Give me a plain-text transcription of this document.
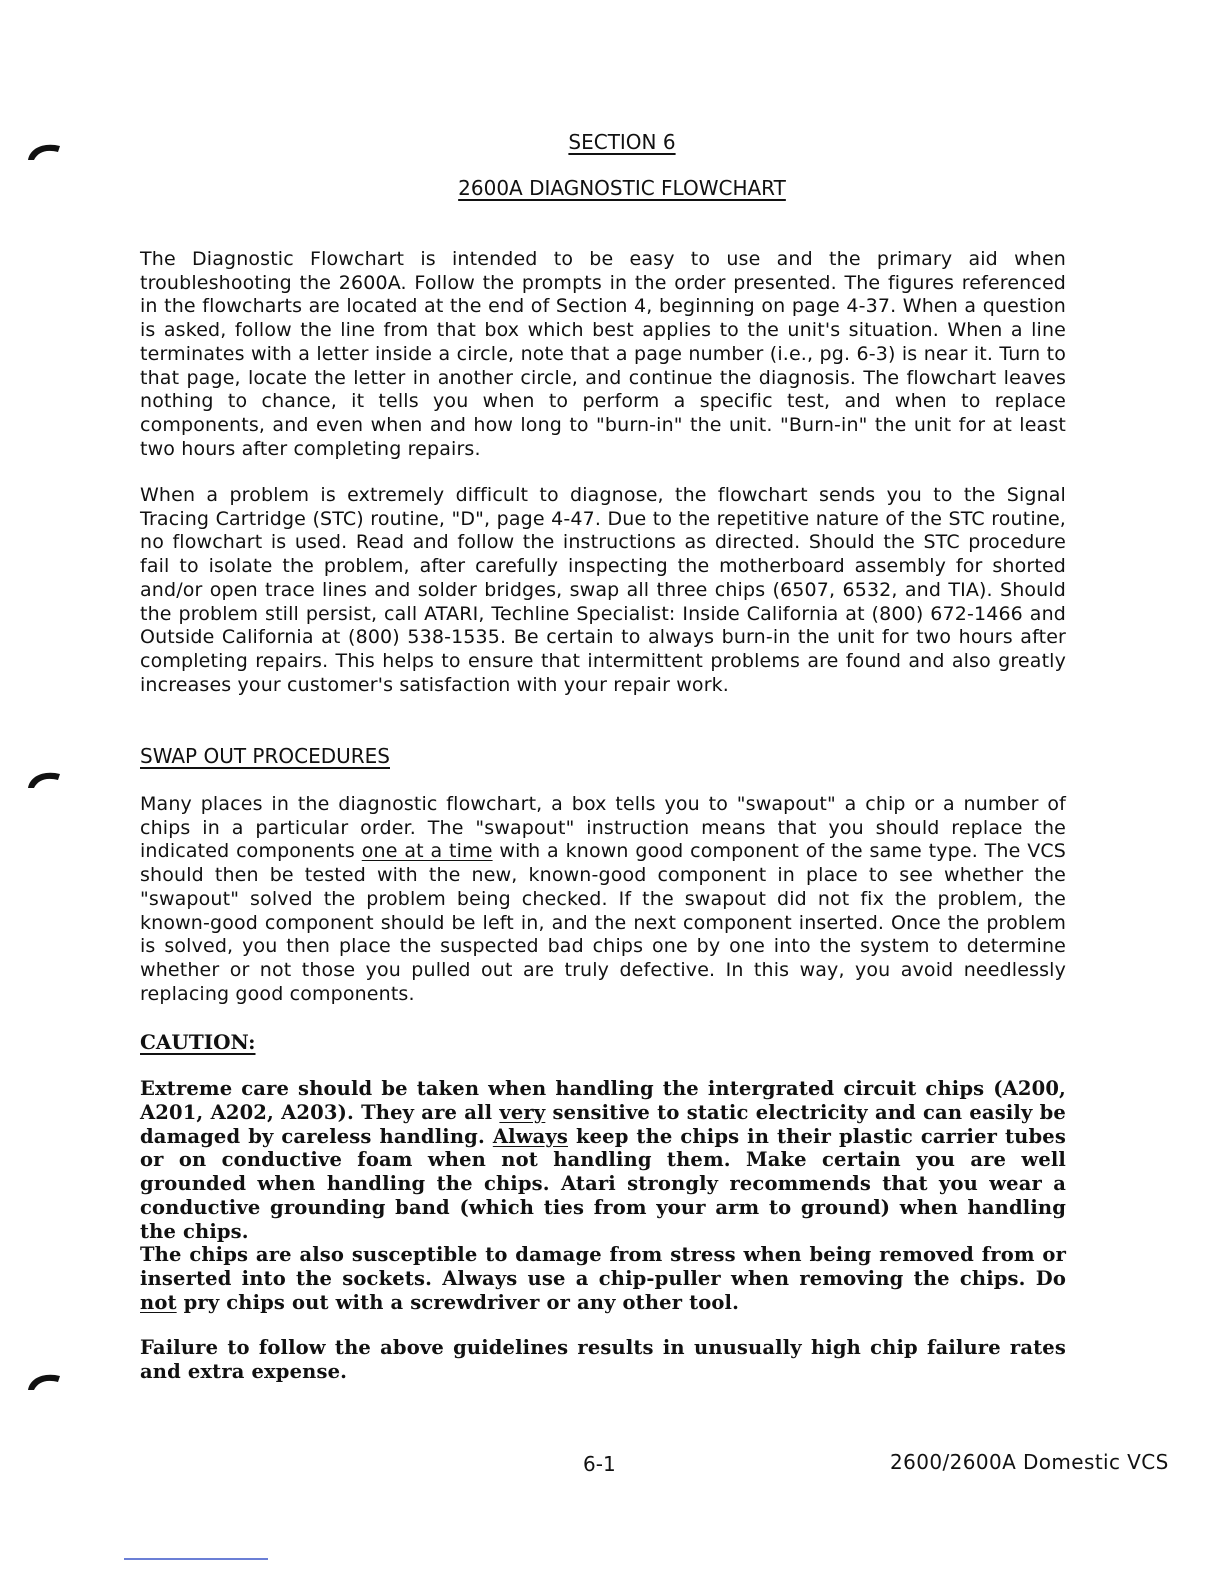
SECTION 6
2600A DIAGNOSTIC FLOWCHART
The Diagnostic Flowchart is intended to be easy to use and the primary aid when troubleshooting the 2600A. Follow the prompts in the order presented. The figures referenced in the flowcharts are located at the end of Section 4, beginning on page 4-37. When a question is asked, follow the line from that box which best applies to the unit's situation. When a line terminates with a letter inside a circle, note that a page number (i.e., pg. 6-3) is near it. Turn to that page, locate the letter in another circle, and continue the diagnosis. The flowchart leaves nothing to chance, it tells you when to perform a specific test, and when to replace components, and even when and how long to "burn-in" the unit. "Burn-in" the unit for at least two hours after completing repairs.
When a problem is extremely difficult to diagnose, the flowchart sends you to the Signal Tracing Cartridge (STC) routine, "D", page 4-47. Due to the repetitive nature of the STC routine, no flowchart is used. Read and follow the instructions as directed. Should the STC procedure fail to isolate the problem, after carefully inspecting the motherboard assembly for shorted and/or open trace lines and solder bridges, swap all three chips (6507, 6532, and TIA). Should the problem still persist, call ATARI, Techline Specialist: Inside California at (800) 672-1466 and Outside California at (800) 538-1535. Be certain to always burn-in the unit for two hours after completing repairs. This helps to ensure that intermittent problems are found and also greatly increases your customer's satisfaction with your repair work.
SWAP OUT PROCEDURES
Many places in the diagnostic flowchart, a box tells you to "swapout" a chip or a number of chips in a particular order. The "swapout" instruction means that you should replace the indicated components one at a time with a known good component of the same type. The VCS should then be tested with the new, known-good component in place to see whether the "swapout" solved the problem being checked. If the swapout did not fix the problem, the known-good component should be left in, and the next component inserted. Once the problem is solved, you then place the suspected bad chips one by one into the system to determine whether or not those you pulled out are truly defective. In this way, you avoid needlessly replacing good components.
CAUTION:
Extreme care should be taken when handling the intergrated circuit chips (A200, A201, A202, A203). They are all very sensitive to static electricity and can easily be damaged by careless handling. Always keep the chips in their plastic carrier tubes or on conductive foam when not handling them. Make certain you are well grounded when handling the chips. Atari strongly recommends that you wear a conductive grounding band (which ties from your arm to ground) when handling the chips.
The chips are also susceptible to damage from stress when being removed from or inserted into the sockets. Always use a chip-puller when removing the chips. Do not pry chips out with a screwdriver or any other tool.
Failure to follow the above guidelines results in unusually high chip failure rates and extra expense.
6-1	2600/2600A Domestic VCS
